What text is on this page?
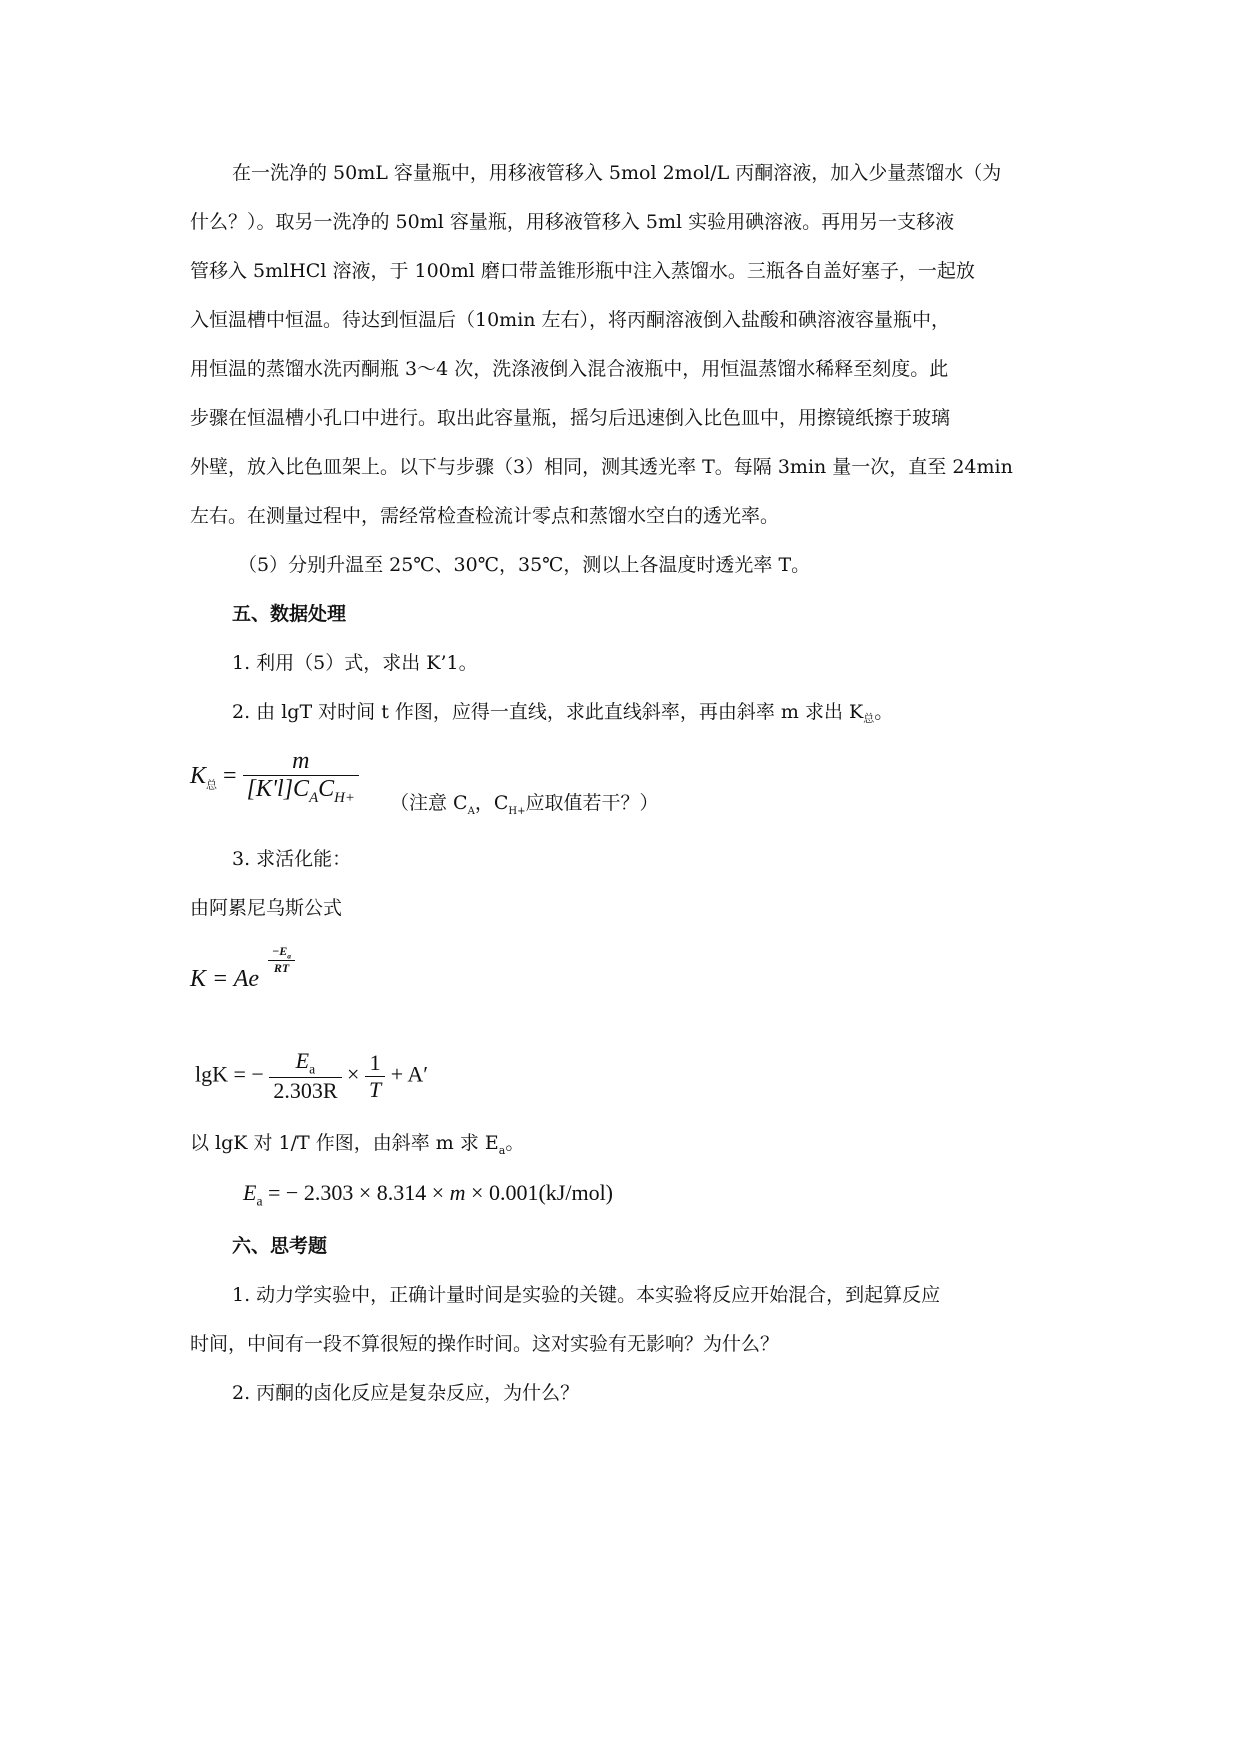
在一洗净的 50mL 容量瓶中，用移液管移入 5mol 2mol/L 丙酮溶液，加入少量蒸馏水（为
什么？）。取另一洗净的 50ml 容量瓶，用移液管移入 5ml 实验用碘溶液。再用另一支移液
管移入 5mlHCl 溶液，于 100ml 磨口带盖锥形瓶中注入蒸馏水。三瓶各自盖好塞子，一起放
入恒温槽中恒温。待达到恒温后（10min 左右），将丙酮溶液倒入盐酸和碘溶液容量瓶中，
用恒温的蒸馏水洗丙酮瓶 3～4 次，洗涤液倒入混合液瓶中，用恒温蒸馏水稀释至刻度。此
步骤在恒温槽小孔口中进行。取出此容量瓶，摇匀后迅速倒入比色皿中，用擦镜纸擦于玻璃
外壁，放入比色皿架上。以下与步骤（3）相同，测其透光率 T。每隔 3min 量一次，直至 24min
左右。在测量过程中，需经常检查检流计零点和蒸馏水空白的透光率。
（5）分别升温至 25℃、30℃，35℃，测以上各温度时透光率 T。
五、数据处理
1. 利用（5）式，求出 K’1。
2. 由 lgT 对时间 t 作图，应得一直线，求此直线斜率，再由斜率 m 求出 $K_总$。
$K_总 = \frac{m}{[K'l]C_AC_{H+}}$ （注意 $C_A$，$C_{H+}$应取值若干？）
3. 求活化能：
由阿累尼乌斯公式
K = Ae
$\frac{-E_a}{RT}$
lgK = − $\frac{E_a}{2.303R} \times \frac{1}{T} + A'$
以 lgK 对 1/T 作图，由斜率 m 求 $E_a$。
$E_a$ = − 2.303 × 8.314 × m × 0.001(kJ/mol)
六、思考题
1. 动力学实验中，正确计量时间是实验的关键。本实验将反应开始混合，到起算反应
时间，中间有一段不算很短的操作时间。这对实验有无影响？为什么？
2. 丙酮的卤化反应是复杂反应，为什么？
